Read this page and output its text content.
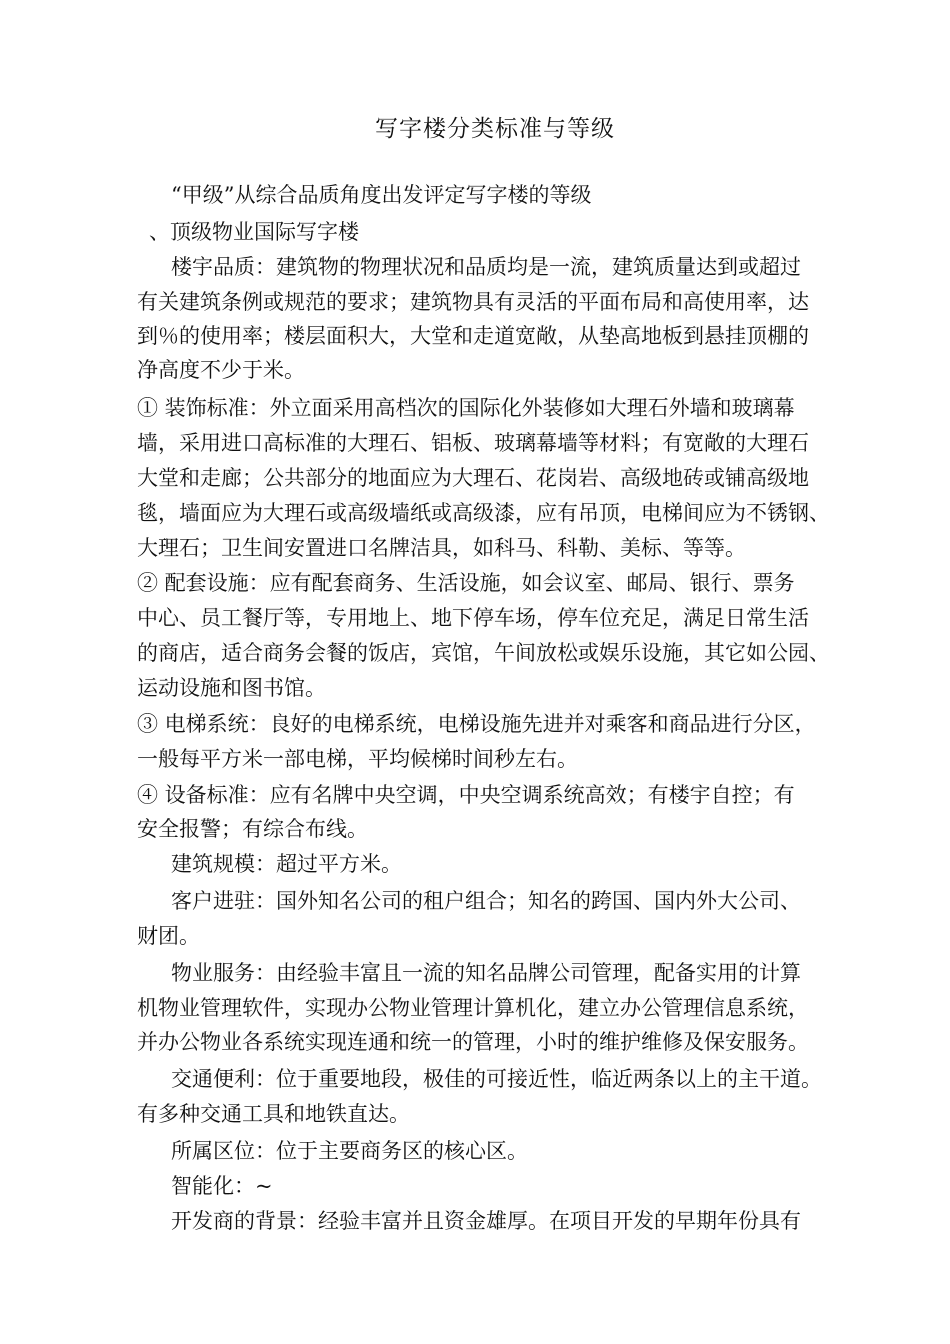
写字楼分类标准与等级
“甲级”从综合品质角度出发评定写字楼的等级
、顶级物业国际写字楼
楼宇品质：建筑物的物理状况和品质均是一流，建筑质量达到或超过
有关建筑条例或规范的要求；建筑物具有灵活的平面布局和高使用率，达
到％的使用率；楼层面积大，大堂和走道宽敞，从垫高地板到悬挂顶棚的
净高度不少于米。
① 装饰标准：外立面采用高档次的国际化外装修如大理石外墙和玻璃幕
墙，采用进口高标准的大理石、铝板、玻璃幕墙等材料；有宽敞的大理石
大堂和走廊；公共部分的地面应为大理石、花岗岩、高级地砖或铺高级地
毯，墙面应为大理石或高级墙纸或高级漆，应有吊顶，电梯间应为不锈钢、
大理石；卫生间安置进口名牌洁具，如科马、科勒、美标、等等。
② 配套设施：应有配套商务、生活设施，如会议室、邮局、银行、票务
中心、员工餐厅等，专用地上、地下停车场，停车位充足，满足日常生活
的商店，适合商务会餐的饭店，宾馆，午间放松或娱乐设施，其它如公园、
运动设施和图书馆。
③ 电梯系统：良好的电梯系统，电梯设施先进并对乘客和商品进行分区，
一般每平方米一部电梯，平均候梯时间秒左右。
④ 设备标准：应有名牌中央空调，中央空调系统高效；有楼宇自控；有
安全报警；有综合布线。
建筑规模：超过平方米。
客户进驻：国外知名公司的租户组合；知名的跨国、国内外大公司、
财团。
物业服务：由经验丰富且一流的知名品牌公司管理，配备实用的计算
机物业管理软件，实现办公物业管理计算机化，建立办公管理信息系统，
并办公物业各系统实现连通和统一的管理，小时的维护维修及保安服务。
交通便利：位于重要地段，极佳的可接近性，临近两条以上的主干道。
有多种交通工具和地铁直达。
所属区位：位于主要商务区的核心区。
智能化：~
开发商的背景：经验丰富并且资金雄厚。在项目开发的早期年份具有
